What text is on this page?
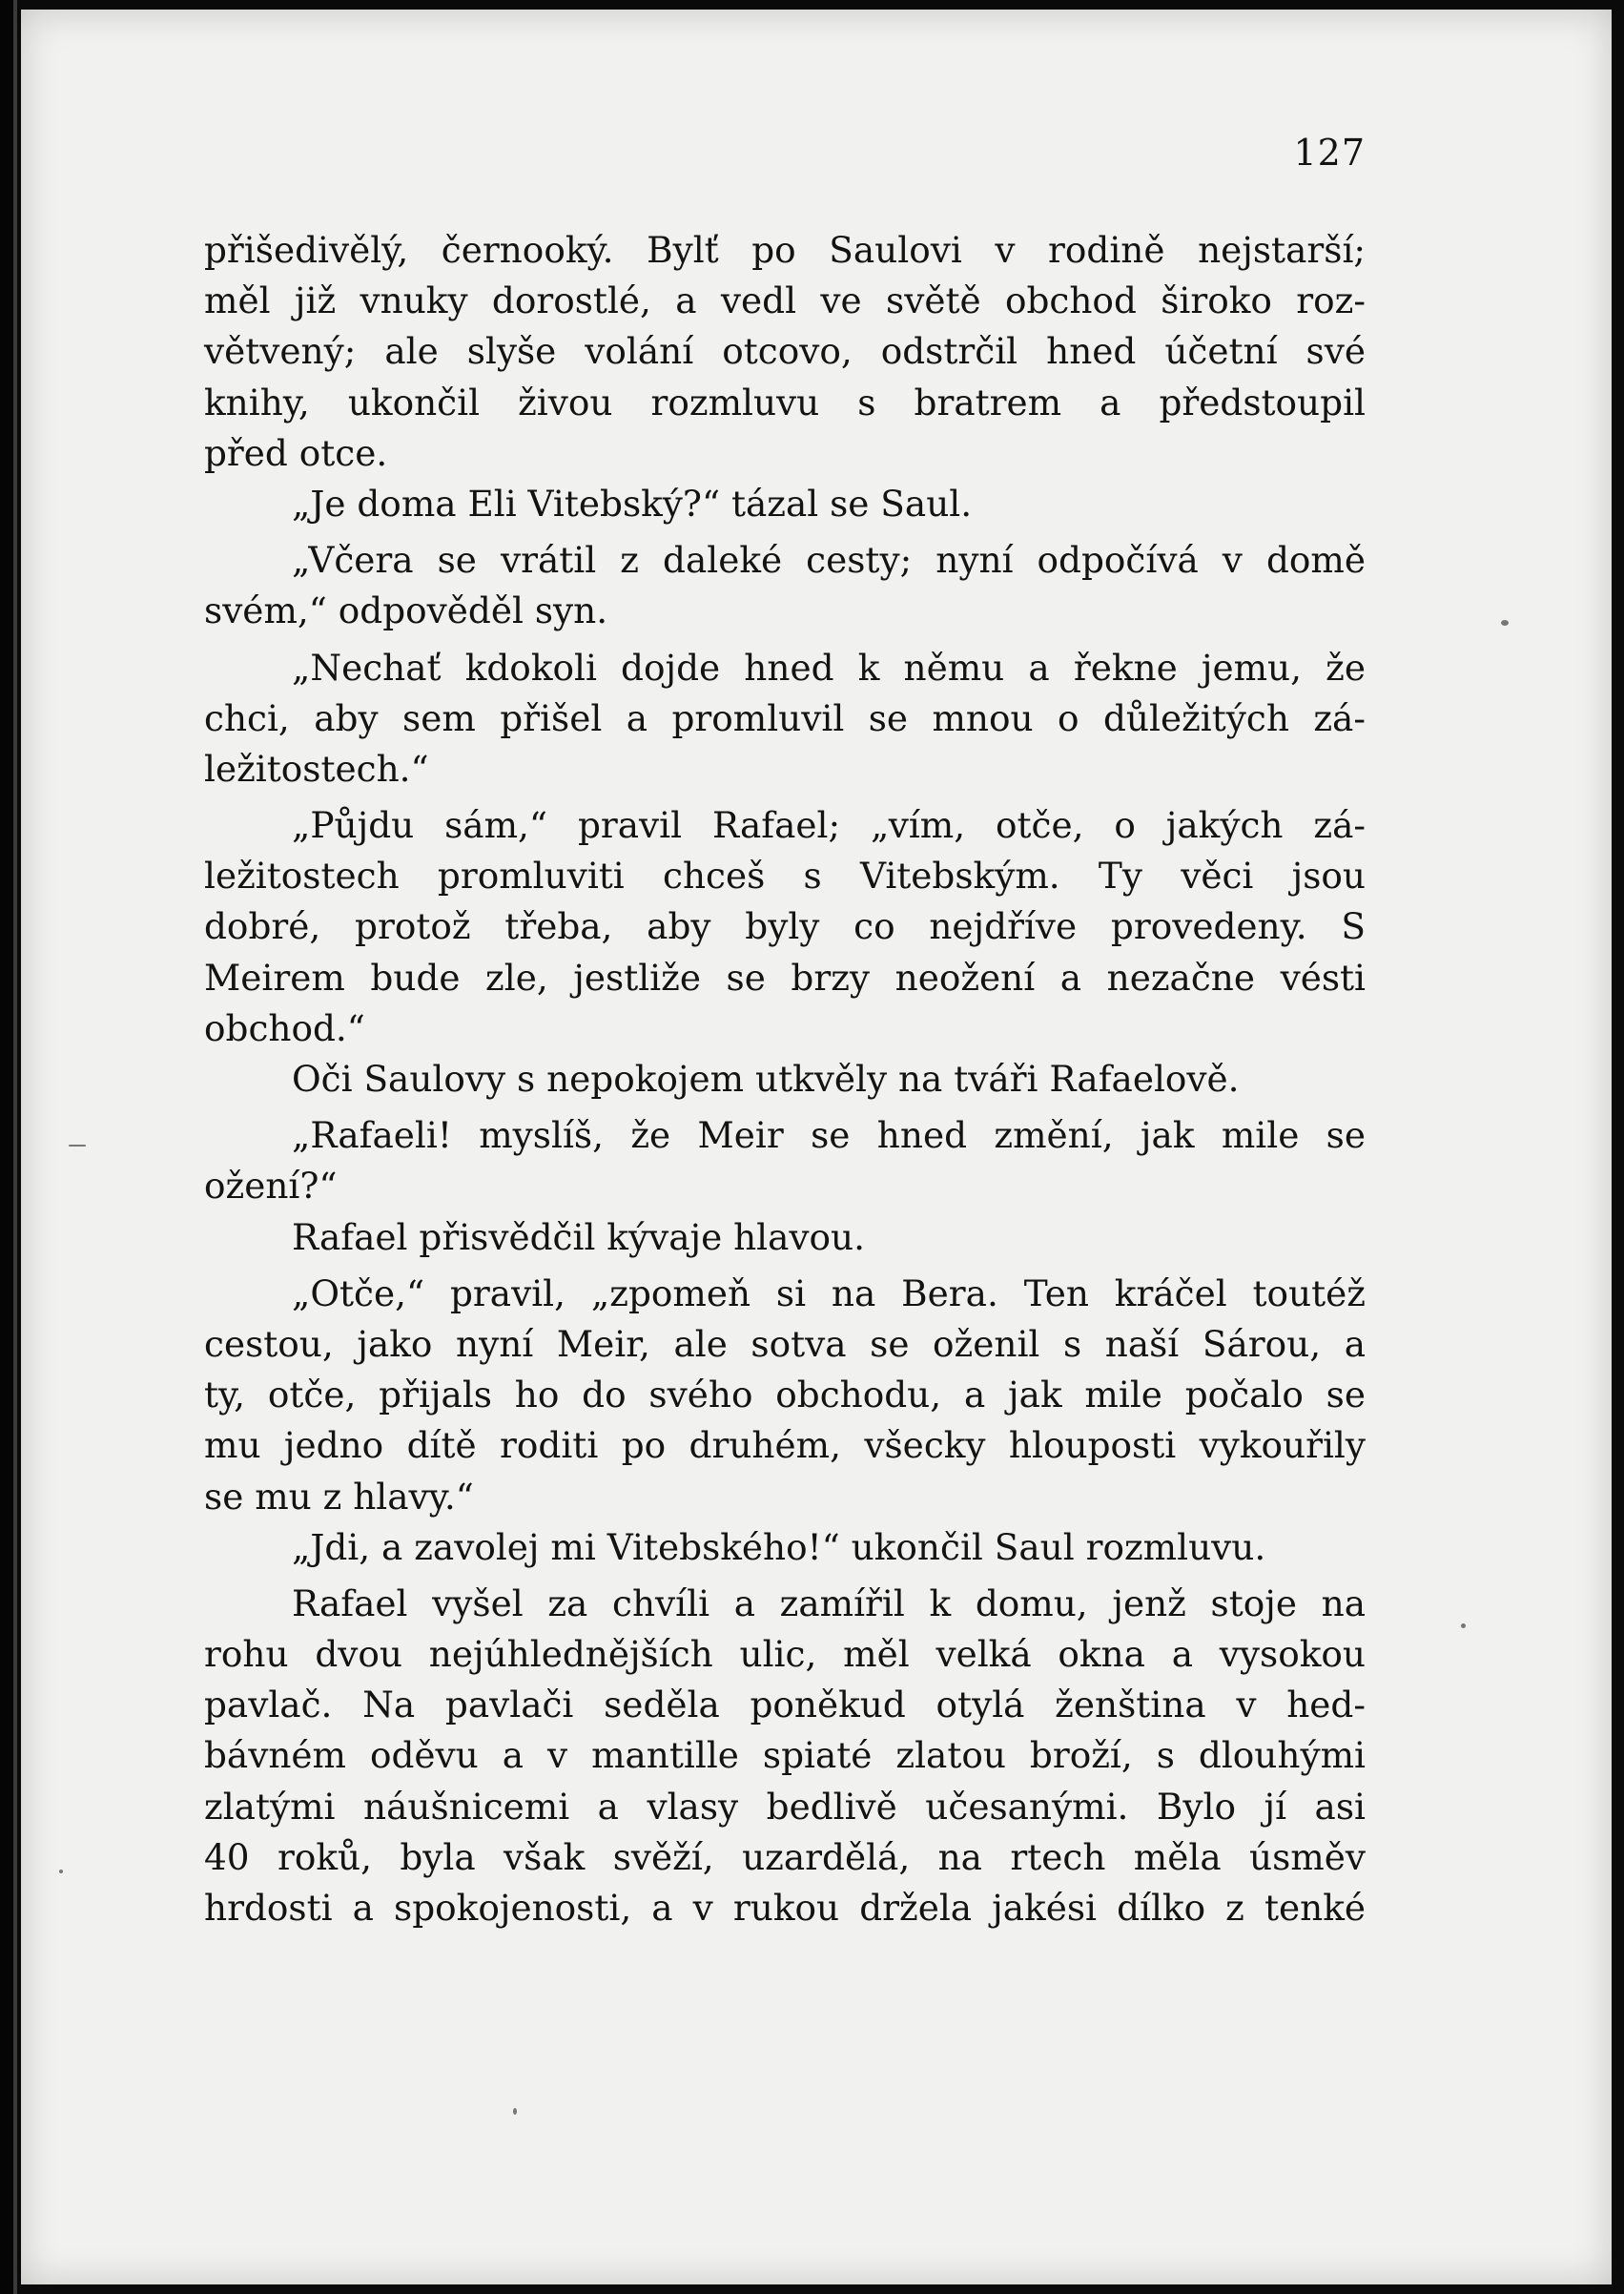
127

přišedivělý, černooký. Bylť po Saulovi v rodině nejstarší;
měl již vnuky dorostlé, a vedl ve světě obchod široko roz-
větvený; ale slyše volání otcovo, odstrčil hned účetní své
knihy, ukončil živou rozmluvu s bratrem a předstoupil
před otce.

„Je doma Eli Vitebský?“ tázal se Saul.

„Včera se vrátil z daleké cesty; nyní odpočívá v domě
svém,“ odpověděl syn.

„Nechať kdokoli dojde hned k němu a řekne jemu, že
chci, aby sem přišel a promluvil se mnou o důležitých zá-
ležitostech.“

„Půjdu sám,“ pravil Rafael; „vím, otče, o jakých zá-
ležitostech promluviti chceš s Vitebským. Ty věci jsou
dobré, protož třeba, aby byly co nejdříve provedeny. S
Meirem bude zle, jestliže se brzy neožení a nezačne vésti
obchod.“

Oči Saulovy s nepokojem utkvěly na tváři Rafaelově.

„Rafaeli! myslíš, že Meir se hned změní, jak mile se
ožení?“

Rafael přisvědčil kývaje hlavou.

„Otče,“ pravil, „zpomeň si na Bera. Ten kráčel toutéž
cestou, jako nyní Meir, ale sotva se oženil s naší Sárou, a
ty, otče, přijals ho do svého obchodu, a jak mile počalo se
mu jedno dítě roditi po druhém, všecky hlouposti vykouřily
se mu z hlavy.“

„Jdi, a zavolej mi Vitebského!“ ukončil Saul rozmluvu.

Rafael vyšel za chvíli a zamířil k domu, jenž stoje na
rohu dvou nejúhlednějších ulic, měl velká okna a vysokou
pavlač. Na pavlači seděla poněkud otylá ženština v hed-
bávném oděvu a v mantille spiaté zlatou broží, s dlouhými
zlatými náušnicemi a vlasy bedlivě učesanými. Bylo jí asi
40 roků, byla však svěží, uzardělá, na rtech měla úsměv
hrdosti a spokojenosti, a v rukou držela jakési dílko z tenké
